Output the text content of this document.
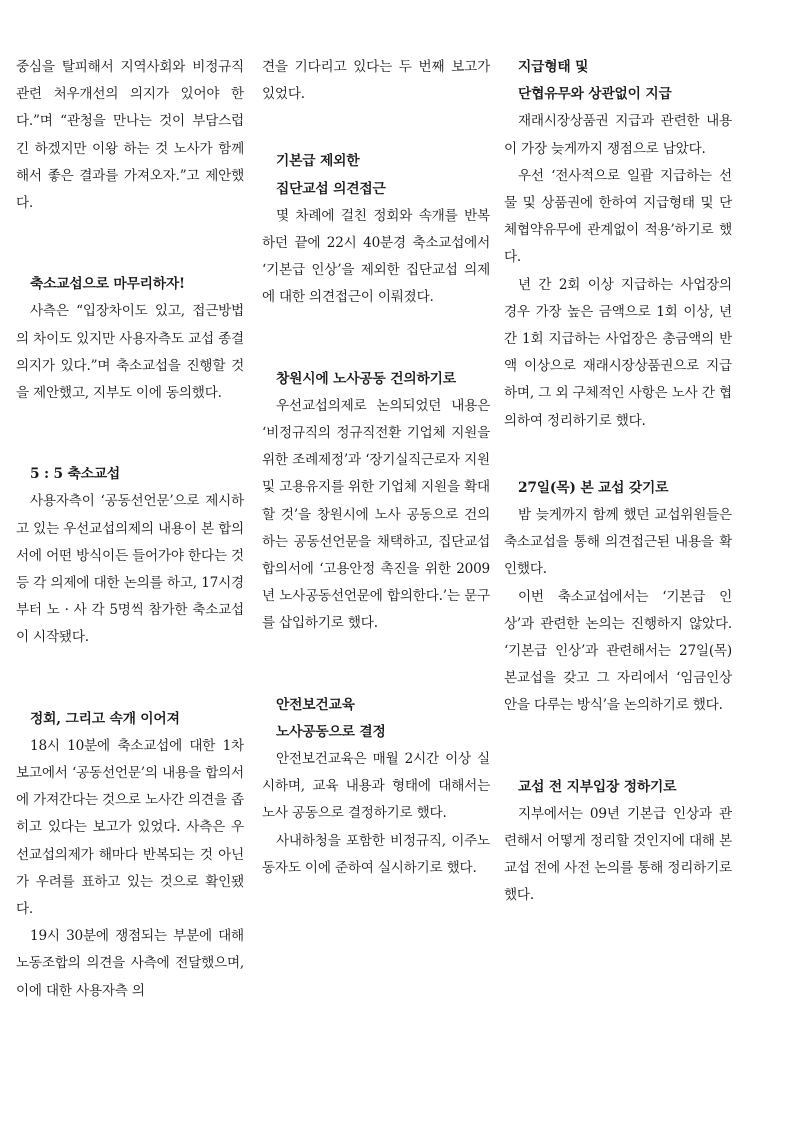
중심을 탈피해서 지역사회와 비정규직 관련 처우개선의 의지가 있어야 한다.”며 “관청을 만나는 것이 부담스럽긴 하겠지만 이왕 하는 것 노사가 함께 해서 좋은 결과를 가져오자.”고 제안했다.

축소교섭으로 마무리하자!

사측은 “입장차이도 있고, 접근방법의 차이도 있지만 사용자측도 교섭 종결의지가 있다.”며 축소교섭을 진행할 것을 제안했고, 지부도 이에 동의했다.

5 : 5 축소교섭

사용자측이 ‘공동선언문’으로 제시하고 있는 우선교섭의제의 내용이 본 합의서에 어떤 방식이든 들어가야 한다는 것 등 각 의제에 대한 논의를 하고, 17시경부터 노 · 사 각 5명씩 참가한 축소교섭이 시작됐다.

정회, 그리고 속개 이어져

18시 10분에 축소교섭에 대한 1차 보고에서 ‘공동선언문’의 내용을 합의서에 가져간다는 것으로 노사간 의견을 좁히고 있다는 보고가 있었다. 사측은 우선교섭의제가 해마다 반복되는 것 아닌가 우려를 표하고 있는 것으로 확인됐다.

19시 30분에 쟁점되는 부분에 대해 노동조합의 의견을 사측에 전달했으며, 이에 대한 사용자측 의

견을 기다리고 있다는 두 번째 보고가 있었다.

기본급 제외한

집단교섭 의견접근

몇 차례에 걸친 정회와 속개를 반복하던 끝에 22시 40분경 축소교섭에서 ‘기본급 인상’을 제외한 집단교섭 의제에 대한 의견접근이 이뤄졌다.

창원시에 노사공동 건의하기로

우선교섭의제로 논의되었던 내용은 ‘비정규직의 정규직전환 기업체 지원을 위한 조례제정’과 ‘장기실직근로자 지원 및 고용유지를 위한 기업체 지원을 확대할 것’을 창원시에 노사 공동으로 건의하는 공동선언문을 채택하고, 집단교섭 합의서에 ‘고용안정 촉진을 위한 2009년 노사공동선언문에 합의한다.’는 문구를 삽입하기로 했다.

안전보건교육

노사공동으로 결정

안전보건교육은 매월 2시간 이상 실시하며, 교육 내용과 형태에 대해서는 노사 공동으로 결정하기로 했다.

사내하청을 포함한 비정규직, 이주노동자도 이에 준하여 실시하기로 했다.

지급형태 및

단협유무와 상관없이 지급

재래시장상품권 지급과 관련한 내용이 가장 늦게까지 쟁점으로 남았다.

우선 ‘전사적으로 일괄 지급하는 선물 및 상품권에 한하여 지급형태 및 단체협약유무에 관계없이 적용’하기로 했다.

년 간 2회 이상 지급하는 사업장의 경우 가장 높은 금액으로 1회 이상, 년 간 1회 지급하는 사업장은 총금액의 반액 이상으로 재래시장상품권으로 지급하며, 그 외 구체적인 사항은 노사 간 협의하여 정리하기로 했다.

27일(목) 본 교섭 갖기로

밤 늦게까지 함께 했던 교섭위원들은 축소교섭을 통해 의견접근된 내용을 확인했다.

이번 축소교섭에서는 ‘기본급 인상’과 관련한 논의는 진행하지 않았다. ‘기본급 인상’과 관련해서는 27일(목) 본교섭을 갖고 그 자리에서 ‘임금인상 안을 다루는 방식’을 논의하기로 했다.

교섭 전 지부입장 정하기로

지부에서는 09년 기본급 인상과 관련해서 어떻게 정리할 것인지에 대해 본 교섭 전에 사전 논의를 통해 정리하기로 했다.
